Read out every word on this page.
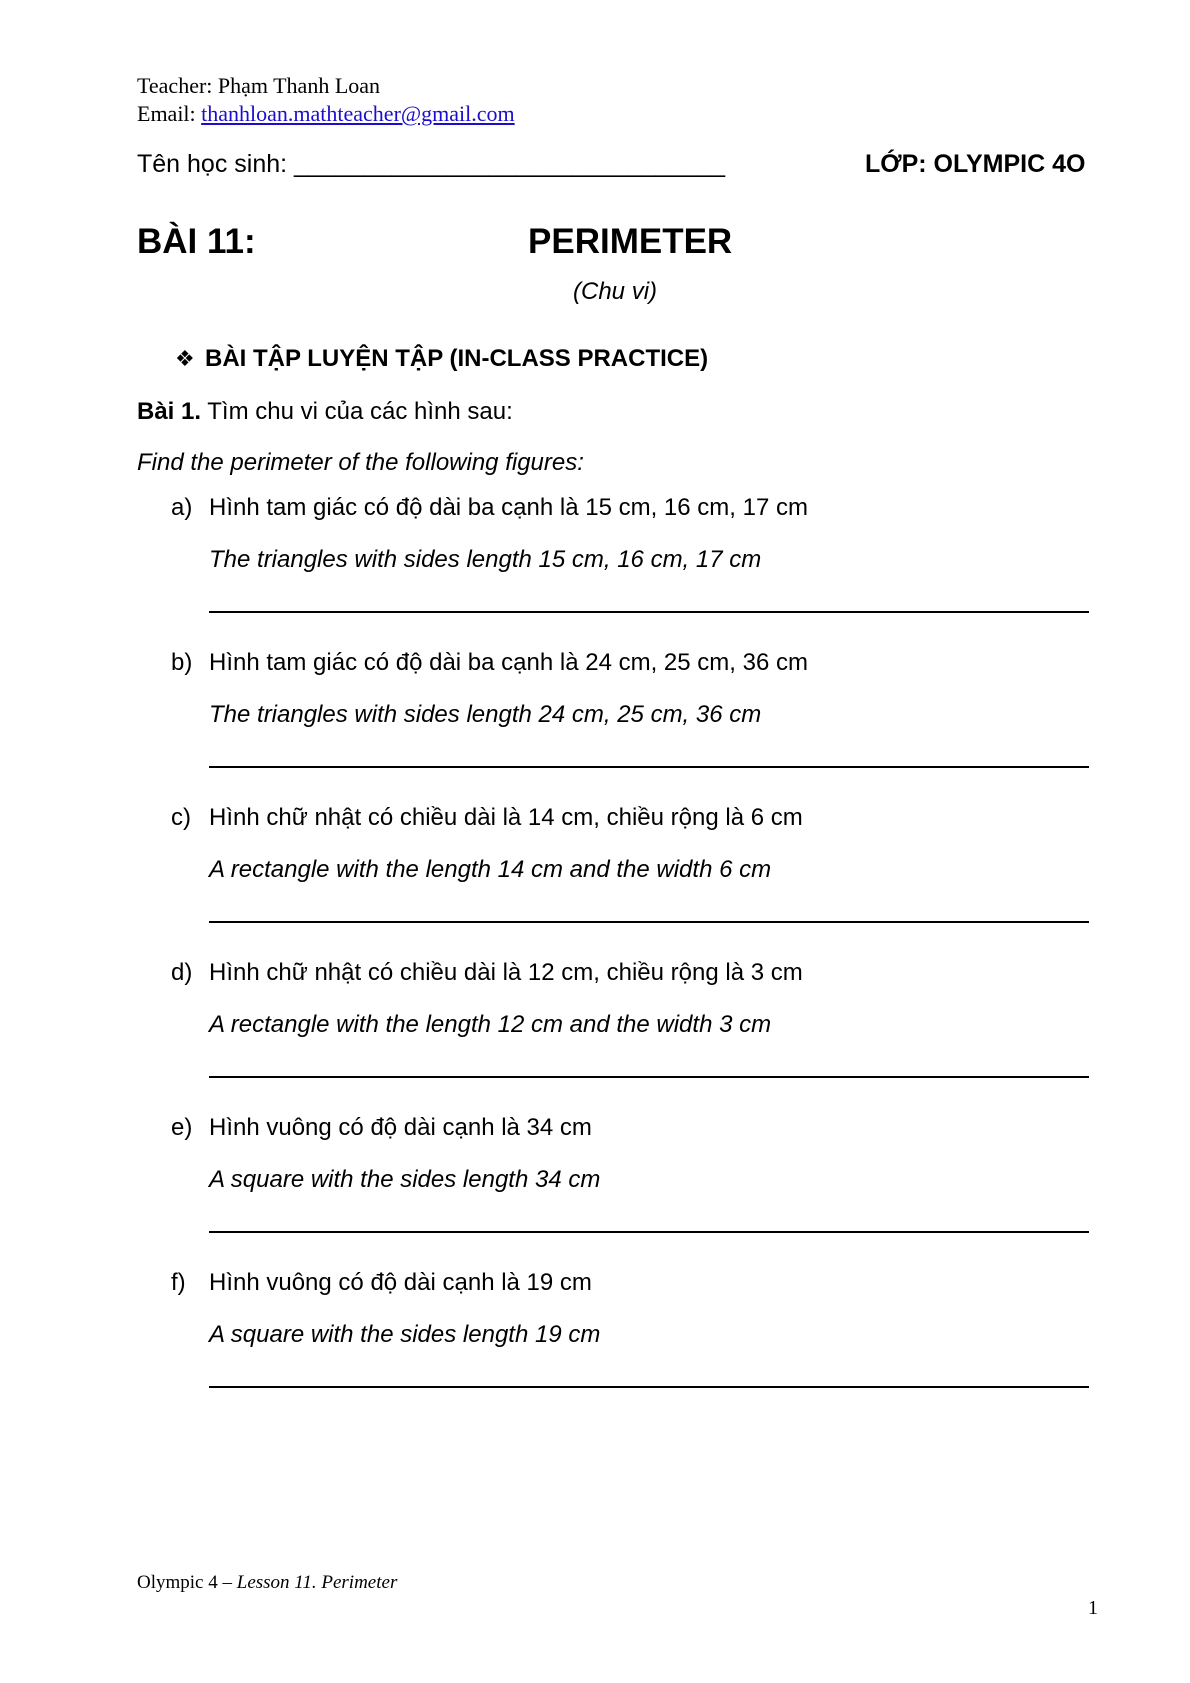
Teacher: Phạm Thanh Loan
Email: thanhloan.mathteacher@gmail.com
Tên học sinh: _______________________________	LỚP: OLYMPIC 4O
BÀI 11:	PERIMETER
(Chu vi)
❖ BÀI TẬP LUYỆN TẬP (IN-CLASS PRACTICE)
Bài 1. Tìm chu vi của các hình sau:
Find the perimeter of the following figures:
a) Hình tam giác có độ dài ba cạnh là 15 cm, 16 cm, 17 cm
The triangles with sides length 15 cm, 16 cm, 17 cm
b) Hình tam giác có độ dài ba cạnh là 24 cm, 25 cm, 36 cm
The triangles with sides length 24 cm, 25 cm, 36 cm
c) Hình chữ nhật có chiều dài là 14 cm, chiều rộng là 6 cm
A rectangle with the length 14 cm and the width 6 cm
d) Hình chữ nhật có chiều dài là 12 cm, chiều rộng là 3 cm
A rectangle with the length 12 cm and the width 3 cm
e) Hình vuông có độ dài cạnh là 34 cm
A square with the sides length 34 cm
f) Hình vuông có độ dài cạnh là 19 cm
A square with the sides length 19 cm
Olympic 4 – Lesson 11. Perimeter
1
